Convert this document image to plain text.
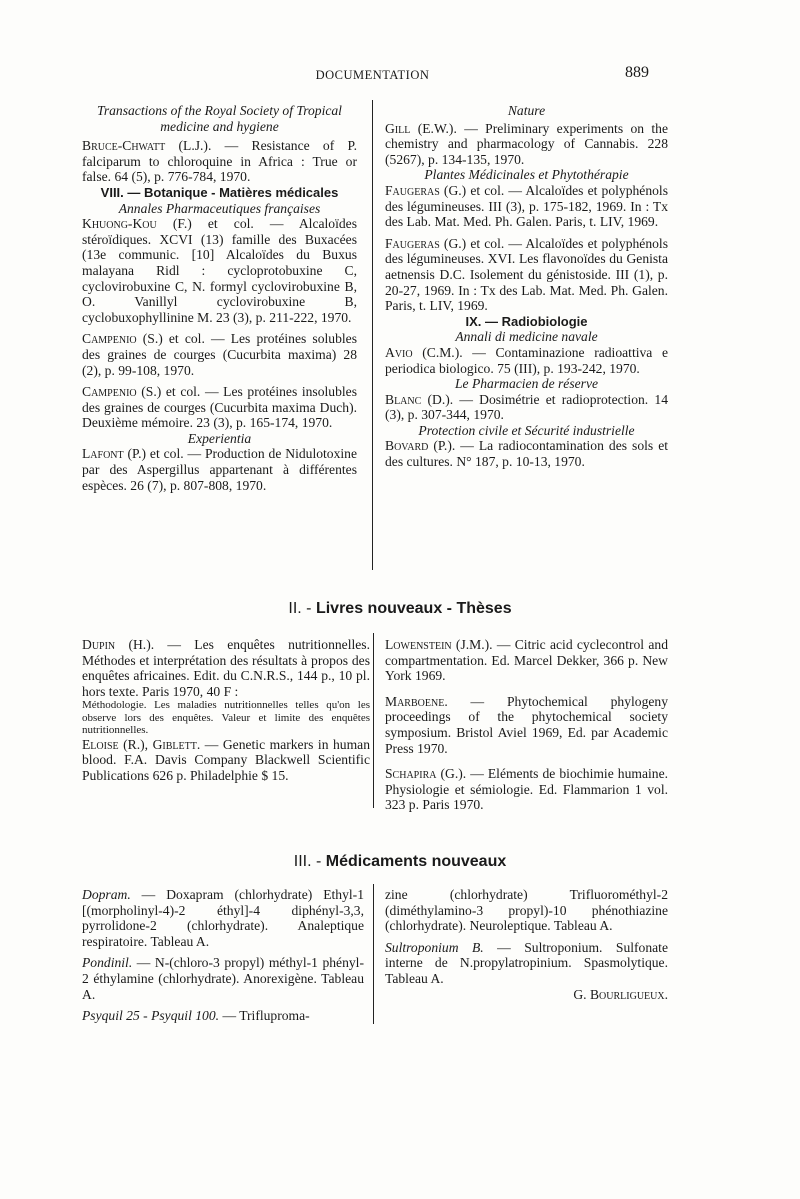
DOCUMENTATION	889

Transactions of the Royal Society of Tropical medicine and hygiene

Bruce-Chwatt (L.J.). — Resistance of P. falciparum to chloroquine in Africa : True or false. 64 (5), p. 776-784, 1970.

VIII. — Botanique - Matières médicales

Annales Pharmaceutiques françaises

Khuong-Kou (F.) et col. — Alcaloïdes stéroïdiques. XCVI (13) famille des Buxacées (13e communic. [10] Alcaloïdes du Buxus malayana Ridl : cycloprotobuxine C, cyclovirobuxine C, N. formyl cyclovirobuxine B, O. Vanillyl cyclovirobuxine B, cyclobuxophyllinine M. 23 (3), p. 211-222, 1970.

Campenio (S.) et col. — Les protéines solubles des graines de courges (Cucurbita maxima) 28 (2), p. 99-108, 1970.

Campenio (S.) et col. — Les protéines insolubles des graines de courges (Cucurbita maxima Duch). Deuxième mémoire. 23 (3), p. 165-174, 1970.

Experientia

Lafont (P.) et col. — Production de Nidulotoxine par des Aspergillus appartenant à différentes espèces. 26 (7), p. 807-808, 1970.

Nature

Gill (E.W.). — Preliminary experiments on the chemistry and pharmacology of Cannabis. 228 (5267), p. 134-135, 1970.

Plantes Médicinales et Phytothérapie

Faugeras (G.) et col. — Alcaloïdes et polyphénols des légumineuses. III (3), p. 175-182, 1969. In : Tx des Lab. Mat. Med. Ph. Galen. Paris, t. LIV, 1969.

Faugeras (G.) et col. — Alcaloïdes et polyphénols des légumineuses. XVI. Les flavonoïdes du Genista aetnensis D.C. Isolement du génistoside. III (1), p. 20-27, 1969. In : Tx des Lab. Mat. Med. Ph. Galen. Paris, t. LIV, 1969.

IX. — Radiobiologie

Annali di medicine navale

Avio (C.M.). — Contaminazione radioattiva e periodica biologico. 75 (III), p. 193-242, 1970.

Le Pharmacien de réserve

Blanc (D.). — Dosimétrie et radioprotection. 14 (3), p. 307-344, 1970.

Protection civile et Sécurité industrielle

Bovard (P.). — La radiocontamination des sols et des cultures. N° 187, p. 10-13, 1970.

II. - Livres nouveaux - Thèses

Dupin (H.). — Les enquêtes nutritionnelles. Méthodes et interprétation des résultats à propos des enquêtes africaines. Edit. du C.N.R.S., 144 p., 10 pl. hors texte. Paris 1970, 40 F :

Méthodologie. Les maladies nutritionnelles telles qu'on les observe lors des enquêtes. Valeur et limite des enquêtes nutritionnelles.

Eloise (R.), Giblett. — Genetic markers in human blood. F.A. Davis Company Blackwell Scientific Publications 626 p. Philadelphie $ 15.

Lowenstein (J.M.). — Citric acid cyclecontrol and compartmentation. Ed. Marcel Dekker, 366 p. New York 1969.

Marboene. — Phytochemical phylogeny proceedings of the phytochemical society symposium. Bristol Aviel 1969, Ed. par Academic Press 1970.

Schapira (G.). — Eléments de biochimie humaine. Physiologie et sémiologie. Ed. Flammarion 1 vol. 323 p. Paris 1970.

III. - Médicaments nouveaux

Dopram. — Doxapram (chlorhydrate) Ethyl-1 [(morpholinyl-4)-2 éthyl]-4 diphényl-3,3, pyrrolidone-2 (chlorhydrate). Analeptique respiratoire. Tableau A.

Pondinil. — N-(chloro-3 propyl) méthyl-1 phényl-2 éthylamine (chlorhydrate). Anorexigène. Tableau A.

Psyquil 25 - Psyquil 100. — Trifluproma-

zine (chlorhydrate) Trifluorométhyl-2 (diméthylamino-3 propyl)-10 phénothiazine (chlorhydrate). Neuroleptique. Tableau A.

Sultroponium B. — Sultroponium. Sulfonate interne de N.propylatropinium. Spasmolytique. Tableau A.

G. Bourligueux.
